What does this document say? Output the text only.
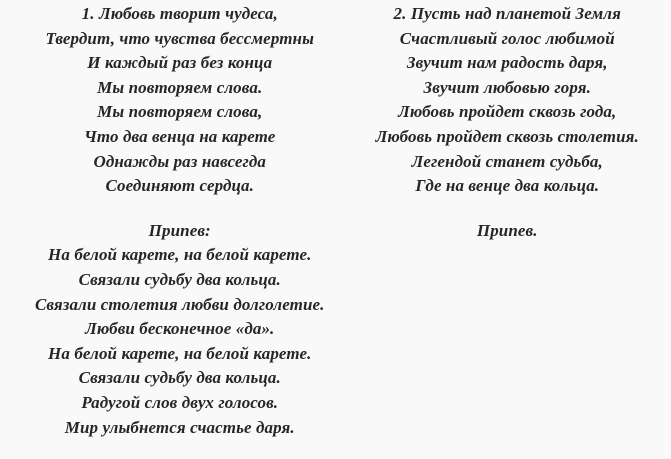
1. Любовь творит чудеса,
Твердит, что чувства бессмертны
И каждый раз без конца
Мы повторяем слова.
Мы повторяем слова,
Что два венца на карете
Однажды раз навсегда
Соединяют сердца.
Припев:
На белой карете, на белой карете.
Связали судьбу два кольца.
Связали столетия любви долголетие.
Любви бесконечное «да».
На белой карете, на белой карете.
Связали судьбу два кольца.
Радугой слов двух голосов.
Мир улыбнется счастье даря.
2. Пусть над планетой Земля
Счастливый голос любимой
Звучит нам радость даря,
Звучит любовью горя.
Любовь пройдет сквозь года,
Любовь пройдет сквозь столетия.
Легендой станет судьба,
Где на венце два кольца.
Припев.
